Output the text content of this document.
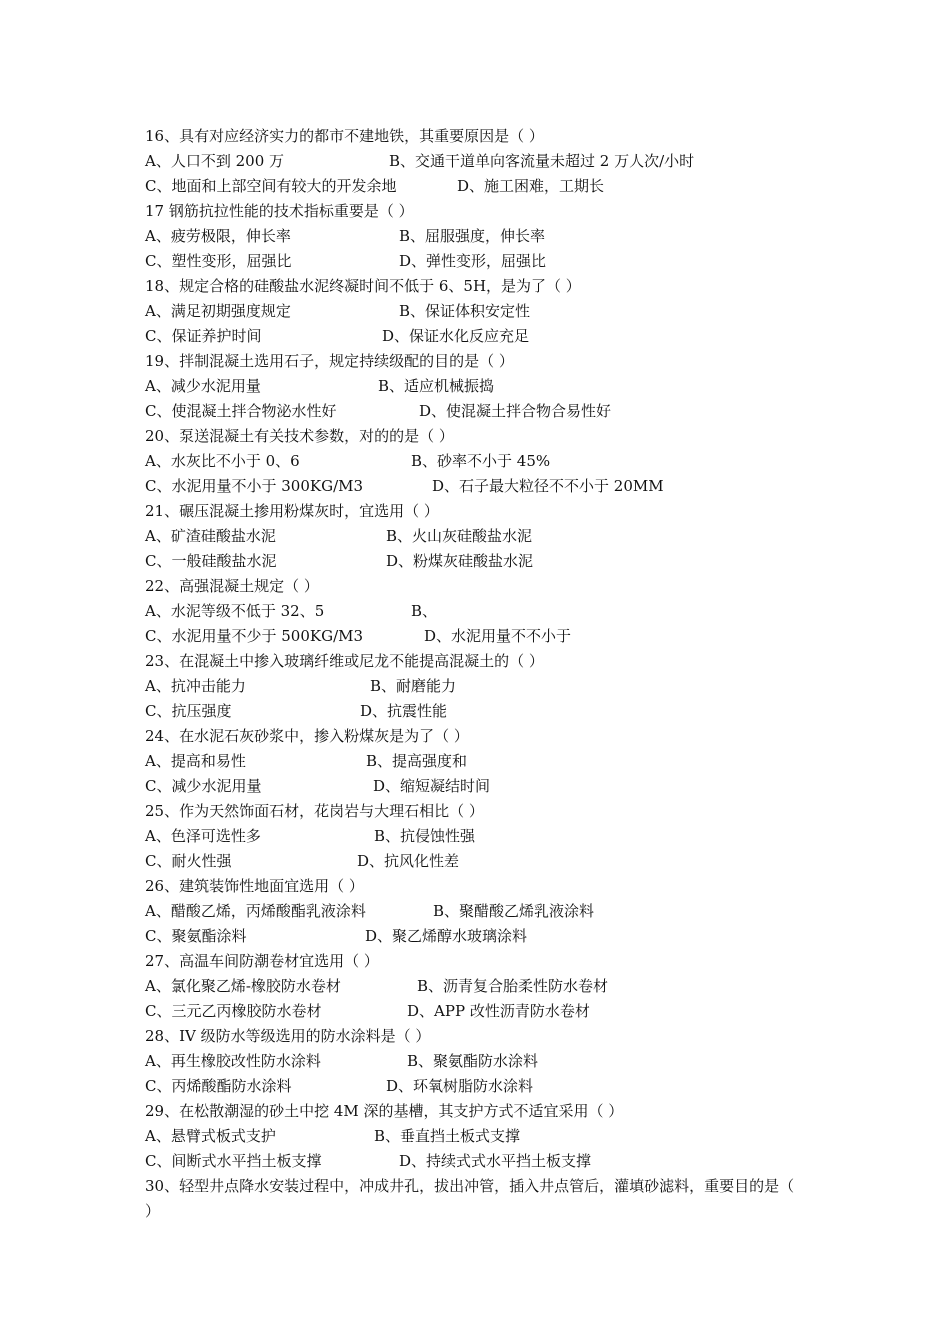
16、具有对应经济实力的都市不建地铁，其重要原因是（ ）
A、人口不到 200 万	B、交通干道单向客流量未超过 2 万人次/小时
C、地面和上部空间有较大的开发余地	D、施工困难，工期长
17 钢筋抗拉性能的技术指标重要是（ ）
A、疲劳极限，伸长率	B、屈服强度，伸长率
C、塑性变形，屈强比	D、弹性变形，屈强比
18、规定合格的硅酸盐水泥终凝时间不低于 6、5H，是为了（ ）
A、满足初期强度规定	B、保证体积安定性
C、保证养护时间	D、保证水化反应充足
19、拌制混凝土选用石子，规定持续级配的目的是（ ）
A、减少水泥用量	B、适应机械振捣
C、使混凝土拌合物泌水性好	D、使混凝土拌合物合易性好
20、泵送混凝土有关技术参数，对的的是（ ）
A、水灰比不小于 0、6	B、砂率不小于 45%
C、水泥用量不小于 300KG/M3	D、石子最大粒径不不小于 20MM
21、碾压混凝土掺用粉煤灰时，宜选用（ ）
A、矿渣硅酸盐水泥	B、火山灰硅酸盐水泥
C、一般硅酸盐水泥	D、粉煤灰硅酸盐水泥
22、高强混凝土规定（ ）
A、水泥等级不低于 32、5	B、
C、水泥用量不少于 500KG/M3	D、水泥用量不不小于
23、在混凝土中掺入玻璃纤维或尼龙不能提高混凝土的（ ）
A、抗冲击能力	B、耐磨能力
C、抗压强度	D、抗震性能
24、在水泥石灰砂浆中，掺入粉煤灰是为了（ ）
A、提高和易性	B、提高强度和
C、减少水泥用量	D、缩短凝结时间
25、作为天然饰面石材，花岗岩与大理石相比（ ）
A、色泽可选性多	B、抗侵蚀性强
C、耐火性强	D、抗风化性差
26、建筑装饰性地面宜选用（ ）
A、醋酸乙烯，丙烯酸酯乳液涂料	B、聚醋酸乙烯乳液涂料
C、聚氨酯涂料	D、聚乙烯醇水玻璃涂料
27、高温车间防潮卷材宜选用（ ）
A、氯化聚乙烯-橡胶防水卷材	B、沥青复合胎柔性防水卷材
C、三元乙丙橡胶防水卷材	D、APP 改性沥青防水卷材
28、IV 级防水等级选用的防水涂料是（ ）
A、再生橡胶改性防水涂料	B、聚氨酯防水涂料
C、丙烯酸酯防水涂料	D、环氧树脂防水涂料
29、在松散潮湿的砂土中挖 4M 深的基槽，其支护方式不适宜采用（ ）
A、悬臂式板式支护	B、垂直挡土板式支撑
C、间断式水平挡土板支撑	D、持续式式水平挡土板支撑
30、轻型井点降水安装过程中，冲成井孔，拔出冲管，插入井点管后，灌填砂滤料，重要目的是（ ）
